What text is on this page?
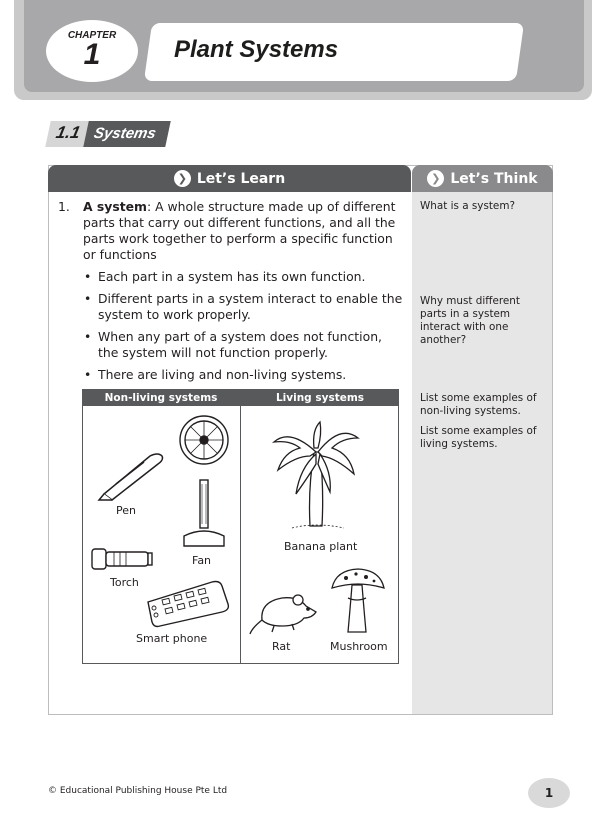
CHAPTER
1	Plant Systems
1.1 Systems
❯ Let’s Learn	❯ Let’s Think
1. A system: A whole structure made up of different parts that carry out different functions, and all the parts work together to perform a specific function or functions

• Each part in a system has its own function.

• Different parts in a system interact to enable the system to work properly.

• When any part of a system does not function, the system will not function properly.

• There are living and non-living systems.

What is a system?
Why must different parts in a system interact with one another?
List some examples of non-living systems.
List some examples of living systems.
Non-living systems	Living systems
Pen
Fan
Torch
Smart phone
Banana plant
Rat	Mushroom
© Educational Publishing House Pte Ltd	1
